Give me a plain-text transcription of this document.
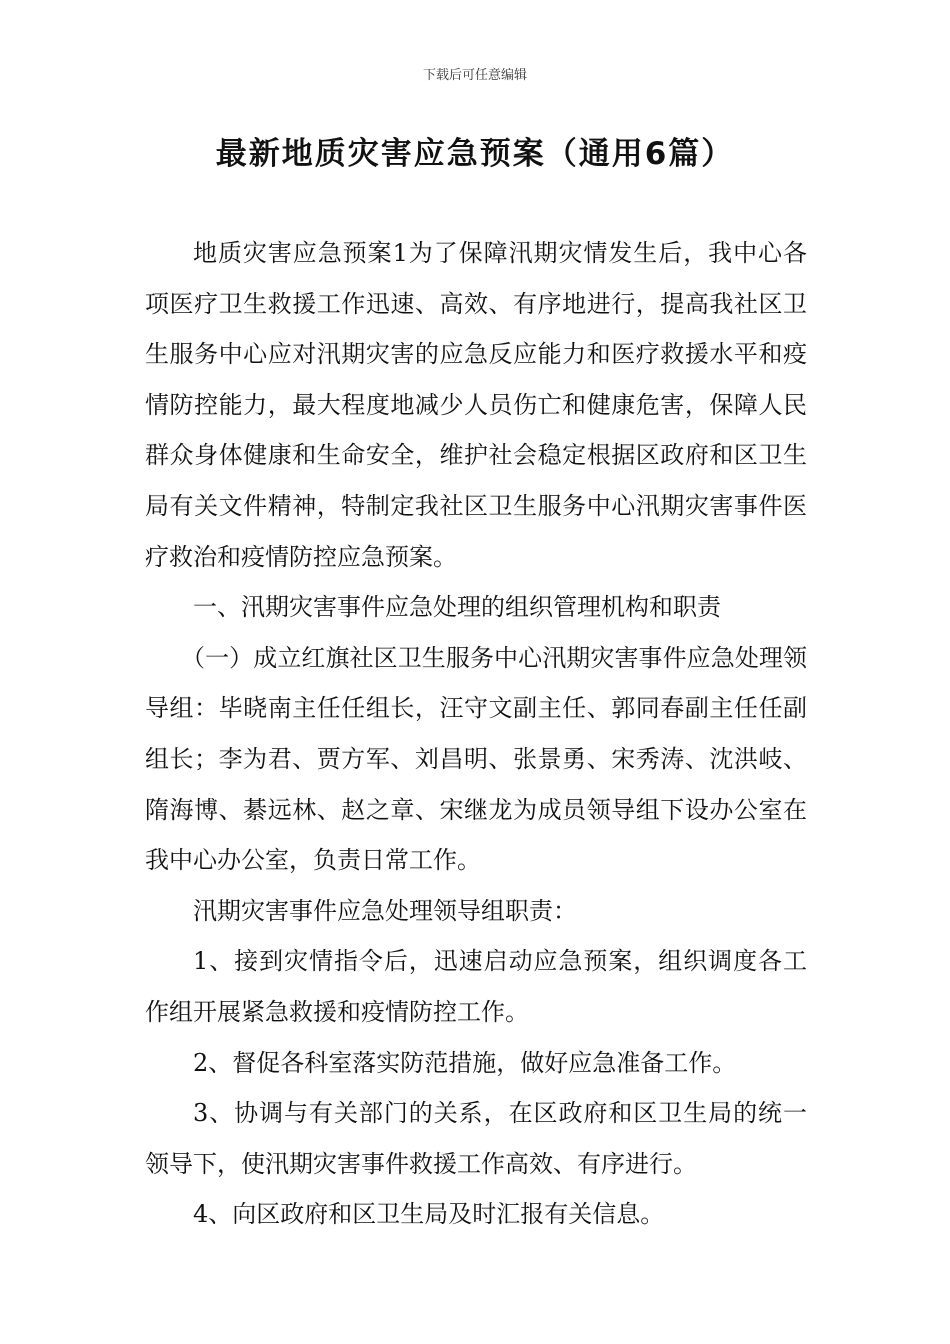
下载后可任意编辑
最新地质灾害应急预案（通用6篇）

地质灾害应急预案1为了保障汛期灾情发生后，我中心各项医疗卫生救援工作迅速、高效、有序地进行，提高我社区卫生服务中心应对汛期灾害的应急反应能力和医疗救援水平和疫情防控能力，最大程度地减少人员伤亡和健康危害，保障人民群众身体健康和生命安全，维护社会稳定根据区政府和区卫生局有关文件精神，特制定我社区卫生服务中心汛期灾害事件医疗救治和疫情防控应急预案。

一、汛期灾害事件应急处理的组织管理机构和职责

（一）成立红旗社区卫生服务中心汛期灾害事件应急处理领导组：毕晓南主任任组长，汪守文副主任、郭同春副主任任副组长；李为君、贾方军、刘昌明、张景勇、宋秀涛、沈洪岐、隋海博、綦远林、赵之章、宋继龙为成员领导组下设办公室在我中心办公室，负责日常工作。

汛期灾害事件应急处理领导组职责：

1、接到灾情指令后，迅速启动应急预案，组织调度各工作组开展紧急救援和疫情防控工作。

2、督促各科室落实防范措施，做好应急准备工作。

3、协调与有关部门的关系，在区政府和区卫生局的统一领导下，使汛期灾害事件救援工作高效、有序进行。

4、向区政府和区卫生局及时汇报有关信息。
